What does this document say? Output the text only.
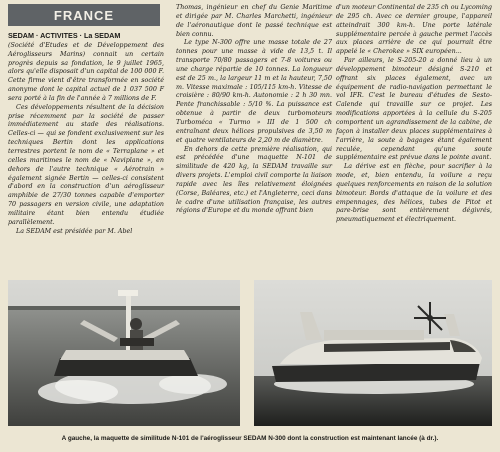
FRANCE
SEDAM · ACTIVITES · La SEDAM

(Société d'Etudes et de Développement des Aéroglisseurs Marins) connait un certain progrès depuis sa fondation, le 9 juillet 1965, alors qu'elle disposait d'un capital de 100 000 F. Cette firme vient d'être transformée en société anonyme dont le capital actuel de 1 037 500 F sera porté à la fin de l'année à 7 millions de F.

Ces développements résultent de la décision prise récemment par la société de passer immédiatement au stade des réalisations. Celles-ci — qui se fondent exclusivement sur les techniques Bertin dont les applications terrestres portent le nom de « Terraplane » et celles maritimes le nom de « Naviplane », en dehors de l'autre technique « Aérotrain » également signée Bertin — celles-ci consistent d'abord en la construction d'un aéroglisseur amphibie de 27/30 tonnes capable d'emporter 70 passagers en version civile, une adaptation militaire étant bien entendu étudiée parallèlement.

La SEDAM est présidée par M. Abel

Thomas, ingénieur en chef du Genie Maritime et dirigée par M. Charles Marchetti, ingénieur de l'aéronautique dont le passé technique est bien connu.

Le type N-300 offre une masse totale de 27 tonnes pour une masse à vide de 13,5 t. Il transporte 70/80 passagers et 7-8 voitures ou une charge répartie de 10 tonnes. La longueur est de 25 m., la largeur 11 m et la hauteur, 7,50 m. Vitesse maximale : 105/115 km-h. Vitesse de croisière : 80/90 km-h. Autonomie : 2 h 30 mn. Pente franchissable : 5/10 %. La puissance est obtenue à partir de deux turbomoteurs Turboméca « Turmo » III de 1 500 ch entraînant deux hélices propulsives de 3,50 m et quatre ventilateurs de 2,20 m de diamètre.

En dehors de cette première réalisation, qui est précédée d'une maquette N-101 de similitude de 420 kg, la SEDAM travaille sur divers projets. L'emploi civil comporte la liaison rapide avec les îles relativement éloignées (Corse, Baléares, etc.) et l'Angleterre, ceci dans le cadre d'une utilisation française, les autres régions d'Europe et du monde offrant bien

d'un moteur Continental de 235 ch ou Lycoming de 295 ch. Avec ce dernier groupe, l'appareil atteindrait 300 km-h. Une porte latérale supplémentaire percée à gauche permet l'accès aux places arrière de ce qui pourrait être appelé le « Cherokee » SIX européen...

Par ailleurs, le S-205-20 a donné lieu à un développement bimoteur désigné S-210 et offrant six places également, avec un équipement de radio-navigation permettant le vol IFR. C'est le bureau d'études de Sesto-Calende qui travaille sur ce projet. Les modifications apportées à la cellule du S-205 comportent un agrandissement de la cabine, de façon à installer deux places supplémentaires à l'arrière, la soute à bagages étant également reculée, cependant qu'une soute supplémentaire est prévue dans le pointe avant.

La dérive est en flèche, pour sacrifier à la mode, et, bien entendu, la voilure a reçu quelques renforcements en raison de la solution bimoteur. Bords d'attaque de la voilure et des empennages, des hélices, tubes de Pitot et pare-brise sont entièrement dégivrés, pneumatiquement et électriquement.

A gauche, la maquette de similitude N-101 de l'aéroglisseur SEDAM N-300 dont la construction est maintenant lancée (à dr.).
